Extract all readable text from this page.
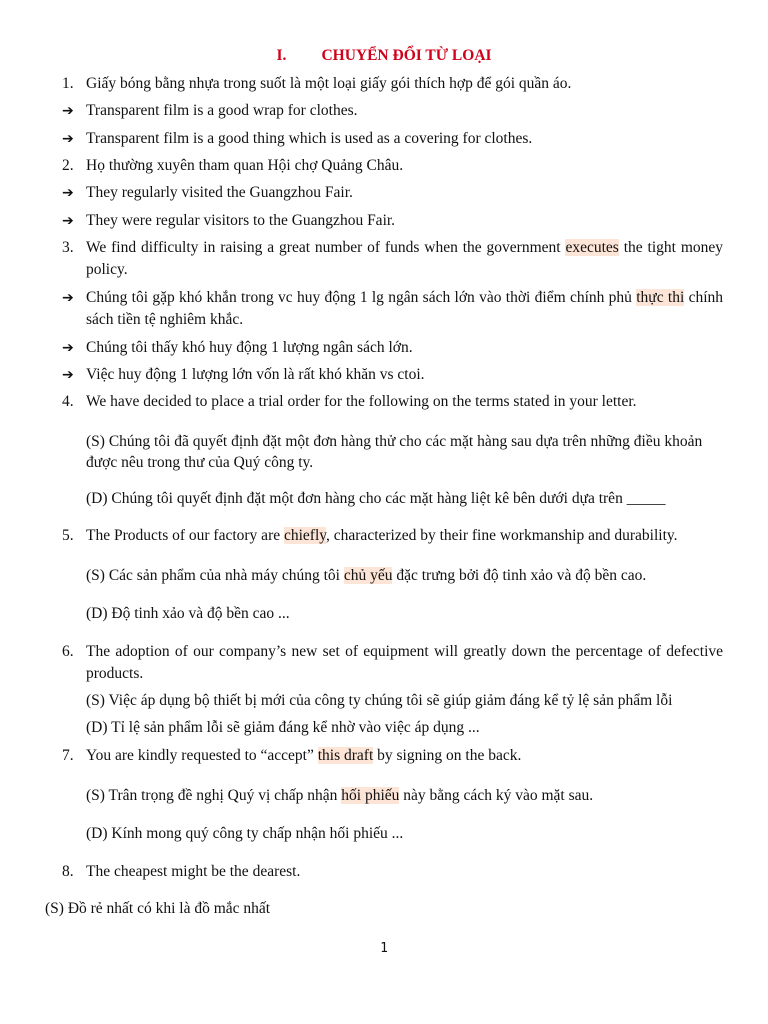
I. CHUYỂN ĐỔI TỪ LOẠI
1. Giấy bóng bằng nhựa trong suốt là một loại giấy gói thích hợp để gói quần áo.
➔ Transparent film is a good wrap for clothes.
➔ Transparent film is a good thing which is used as a covering for clothes.
2. Họ thường xuyên tham quan Hội chợ Quảng Châu.
➔ They regularly visited the Guangzhou Fair.
➔ They were regular visitors to the Guangzhou Fair.
3. We find difficulty in raising a great number of funds when the government executes the tight money policy.
➔ Chúng tôi gặp khó khắn trong vc huy động 1 lg ngân sách lớn vào thời điểm chính phủ thực thi chính sách tiền tệ nghiêm khắc.
➔ Chúng tôi thấy khó huy động 1 lượng ngân sách lớn.
➔ Việc huy động 1 lượng lớn vốn là rất khó khăn vs ctoi.
4. We have decided to place a trial order for the following on the terms stated in your letter.
(S) Chúng tôi đã quyết định đặt một đơn hàng thử cho các mặt hàng sau dựa trên những điều khoản được nêu trong thư của Quý công ty.
(D) Chúng tôi quyết định đặt một đơn hàng cho các mặt hàng liệt kê bên dưới dựa trên _____
5. The Products of our factory are chiefly, characterized by their fine workmanship and durability.
(S) Các sản phẩm của nhà máy chúng tôi chủ yếu đặc trưng bởi độ tinh xảo và độ bền cao.
(D) Độ tinh xảo và độ bền cao ...
6. The adoption of our company’s new set of equipment will greatly down the percentage of defective products.
(S) Việc áp dụng bộ thiết bị mới của công ty chúng tôi sẽ giúp giảm đáng kể tỷ lệ sản phẩm lỗi
(D) Tỉ lệ sản phẩm lỗi sẽ giảm đáng kể nhờ vào việc áp dụng ...
7. You are kindly requested to “accept” this draft by signing on the back.
(S) Trân trọng đề nghị Quý vị chấp nhận hối phiếu này bằng cách ký vào mặt sau.
(D) Kính mong quý công ty chấp nhận hối phiếu ...
8. The cheapest might be the dearest.
(S) Đồ rẻ nhất có khi là đồ mắc nhất
1
